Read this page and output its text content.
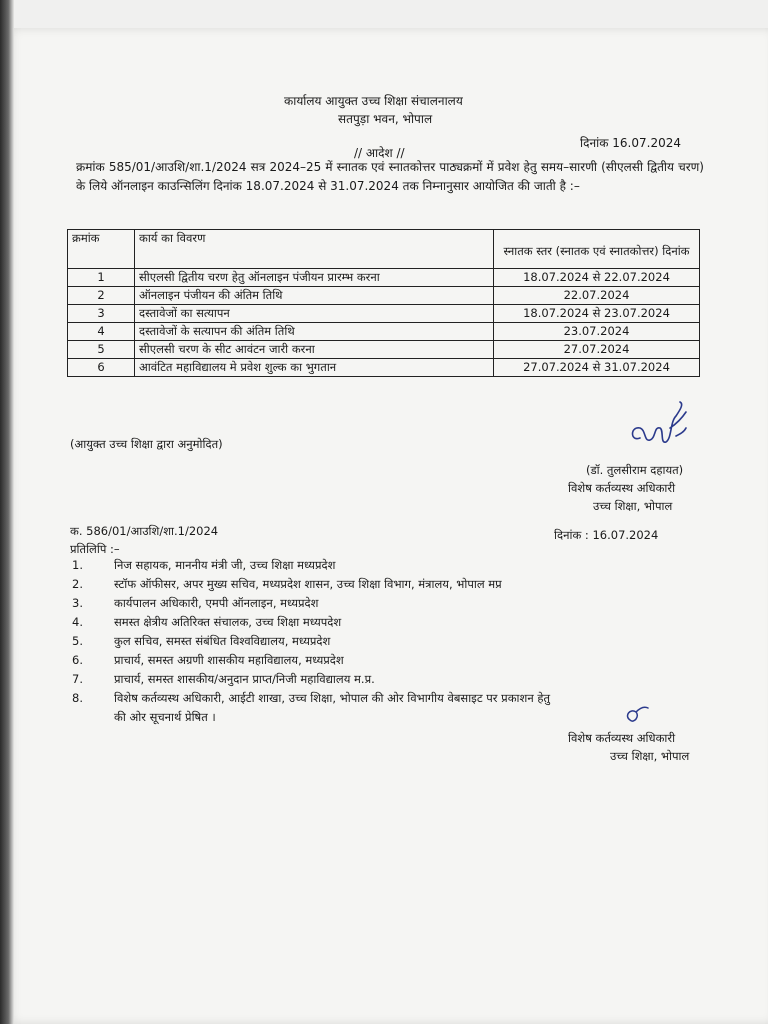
कार्यालय आयुक्त उच्च शिक्षा संचालनालय
सतपुड़ा भवन, भोपाल
दिनांक 16.07.2024
// आदेश //
क्रमांक 585/01/आउशि/शा.1/2024 सत्र 2024–25 में स्नातक एवं स्नातकोत्तर पाठ्यक्रमों में प्रवेश हेतु समय–सारणी (सीएलसी द्वितीय चरण) के लिये ऑनलाइन काउन्सिलिंग दिनांक 18.07.2024 से 31.07.2024 तक निम्नानुसार आयोजित की जाती है :–
क्रमांक	कार्य का विवरण	स्नातक स्तर (स्नातक एवं स्नातकोत्तर) दिनांक
1	सीएलसी द्वितीय चरण हेतु ऑनलाइन पंजीयन प्रारम्भ करना	18.07.2024 से 22.07.2024
2	ऑनलाइन पंजीयन की अंतिम तिथि	22.07.2024
3	दस्तावेजों का सत्यापन	18.07.2024 से 23.07.2024
4	दस्तावेजों के सत्यापन की अंतिम तिथि	23.07.2024
5	सीएलसी चरण के सीट आवंटन जारी करना	27.07.2024
6	आवंटित महाविद्यालय मे प्रवेश शुल्क का भुगतान	27.07.2024 से 31.07.2024
(आयुक्त उच्च शिक्षा द्वारा अनुमोदित)
(डॉ. तुलसीराम दहायत)
विशेष कर्तव्यस्थ अधिकारी
उच्च शिक्षा, भोपाल
क. 586/01/आउशि/शा.1/2024	दिनांक : 16.07.2024
प्रतिलिपि :–
1.	निज सहायक, माननीय मंत्री जी, उच्च शिक्षा मध्यप्रदेश
2.	स्टॉफ ऑफीसर, अपर मुख्य सचिव, मध्यप्रदेश शासन, उच्च शिक्षा विभाग, मंत्रालय, भोपाल मप्र
3.	कार्यपालन अधिकारी, एमपी ऑनलाइन, मध्यप्रदेश
4.	समस्त क्षेत्रीय अतिरिक्त संचालक, उच्च शिक्षा मध्यपदेश
5.	कुल सचिव, समस्त संबंधित विश्वविद्यालय, मध्यप्रदेश
6.	प्राचार्य, समस्त अग्रणी शासकीय महाविद्यालय, मध्यप्रदेश
7.	प्राचार्य, समस्त शासकीय/अनुदान प्राप्त/निजी महाविद्यालय म.प्र.
8.	विशेष कर्तव्यस्थ अधिकारी, आईटी शाखा, उच्च शिक्षा, भोपाल की ओर विभागीय वेबसाइट पर प्रकाशन हेतु
की ओर सूचनार्थ प्रेषित ।
विशेष कर्तव्यस्थ अधिकारी
उच्च शिक्षा, भोपाल
